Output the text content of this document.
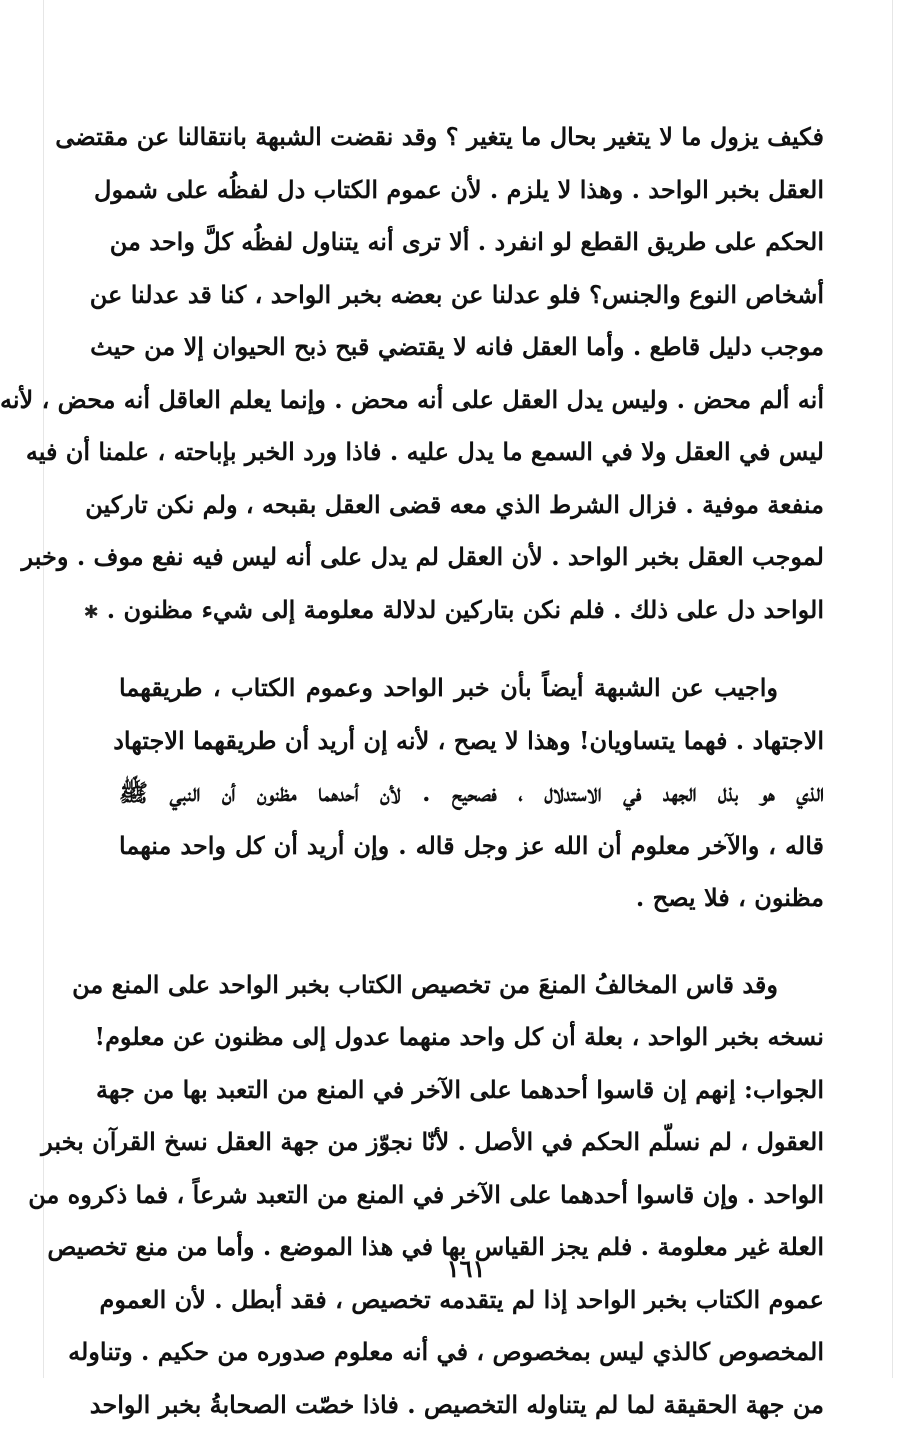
فكيف يزول ما لا يتغير بحال ما يتغير ؟ وقد نقضت الشبهة بانتقالنا عن مقتضى
العقل بخبر الواحد . وهذا لا يلزم . لأن عموم الكتاب دل لفظُه على شمول
الحكم على طريق القطع لو انفرد . ألا ترى أنه يتناول لفظُه كلَّ واحد من
أشخاص النوع والجنس؟ فلو عدلنا عن بعضه بخبر الواحد ، كنا قد عدلنا عن
موجب دليل قاطع . وأما العقل فانه لا يقتضي قبح ذبح الحيوان إلا من حيث
أنه ألم محض . وليس يدل العقل على أنه محض . وإنما يعلم العاقل أنه محض ، لأنه
ليس في العقل ولا في السمع ما يدل عليه . فاذا ورد الخبر بإباحته ، علمنا أن فيه
منفعة موفية . فزال الشرط الذي معه قضى العقل بقبحه ، ولم نكن تاركين
لموجب العقل بخبر الواحد . لأن العقل لم يدل على أنه ليس فيه نفع موف . وخبر
الواحد دل على ذلك . فلم نكن بتاركين لدلالة معلومة إلى شيء مظنون .✱
واجيب عن الشبهة أيضاً بأن خبر الواحد وعموم الكتاب ، طريقهما
الاجتهاد . فهما يتساويان! وهذا لا يصح ، لأنه إن أريد أن طريقهما الاجتهاد
الذي هو بذل الجهد في الاستدلال ، فصحيح . لأن أحدهما مظنون أن النبي ﷺ
قاله ، والآخر معلوم أن الله عز وجل قاله . وإن أريد أن كل واحد منهما
مظنون ، فلا يصح .
وقد قاس المخالفُ المنعَ من تخصيص الكتاب بخبر الواحد على المنع من
نسخه بخبر الواحد ، بعلة أن كل واحد منهما عدول إلى مظنون عن معلوم!
الجواب: إنهم إن قاسوا أحدهما على الآخر في المنع من التعبد بها من جهة
العقول ، لم نسلّم الحكم في الأصل . لأنّا نجوّز من جهة العقل نسخ القرآن بخبر
الواحد . وإن قاسوا أحدهما على الآخر في المنع من التعبد شرعاً ، فما ذكروه من
العلة غير معلومة . فلم يجز القياس بها في هذا الموضع . وأما من منع تخصيص
عموم الكتاب بخبر الواحد إذا لم يتقدمه تخصيص ، فقد أبطل . لأن العموم
المخصوص كالذي ليس بمخصوص ، في أنه معلوم صدوره من حكيم . وتناوله
من جهة الحقيقة لما لم يتناوله التخصيص . فاذا خصّت الصحابةُ بخبر الواحد
١٦١
